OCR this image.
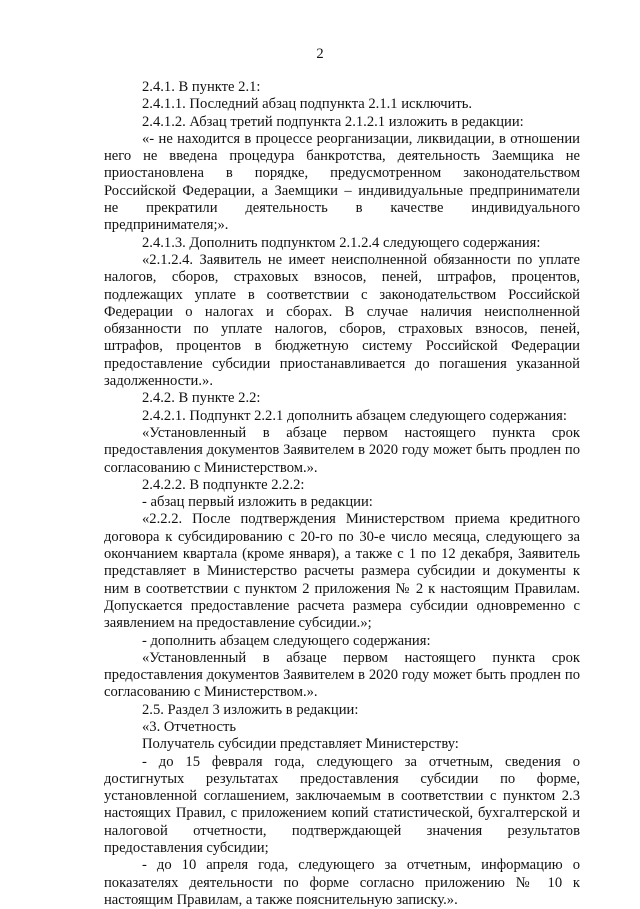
2

2.4.1. В пункте 2.1:

2.4.1.1. Последний абзац подпункта 2.1.1 исключить.

2.4.1.2. Абзац третий подпункта 2.1.2.1 изложить в редакции:

«- не находится в процессе реорганизации, ликвидации, в отношении него не введена процедура банкротства, деятельность Заемщика не приостановлена в порядке, предусмотренном законодательством Российской Федерации, а Заемщики – индивидуальные предприниматели не прекратили деятельность в качестве индивидуального предпринимателя;».

2.4.1.3. Дополнить подпунктом 2.1.2.4 следующего содержания:

«2.1.2.4. Заявитель не имеет неисполненной обязанности по уплате налогов, сборов, страховых взносов, пеней, штрафов, процентов, подлежащих уплате в соответствии с законодательством Российской Федерации о налогах и сборах. В случае наличия неисполненной обязанности по уплате налогов, сборов, страховых взносов, пеней, штрафов, процентов в бюджетную систему Российской Федерации предоставление субсидии приостанавливается до погашения указанной задолженности.».

2.4.2. В пункте 2.2:

2.4.2.1. Подпункт 2.2.1 дополнить абзацем следующего содержания:

«Установленный в абзаце первом настоящего пункта срок предоставления документов Заявителем в 2020 году может быть продлен по согласованию с Министерством.».

2.4.2.2. В подпункте 2.2.2:

- абзац первый изложить в редакции:

«2.2.2. После подтверждения Министерством приема кредитного договора к субсидированию с 20-го по 30-е число месяца, следующего за окончанием квартала (кроме января), а также с 1 по 12 декабря, Заявитель представляет в Министерство расчеты размера субсидии и документы к ним в соответствии с пунктом 2 приложения № 2 к настоящим Правилам. Допускается предоставление расчета размера субсидии одновременно с заявлением на предоставление субсидии.»;

- дополнить абзацем следующего содержания:

«Установленный в абзаце первом настоящего пункта срок предоставления документов Заявителем в 2020 году может быть продлен по согласованию с Министерством.».

2.5. Раздел 3 изложить в редакции:

«3. Отчетность

Получатель субсидии представляет Министерству:

- до 15 февраля года, следующего за отчетным, сведения о достигнутых результатах предоставления субсидии по форме, установленной соглашением, заключаемым в соответствии с пунктом 2.3 настоящих Правил, с приложением копий статистической, бухгалтерской и налоговой отчетности, подтверждающей значения результатов предоставления субсидии;

- до 10 апреля года, следующего за отчетным, информацию о показателях деятельности по форме согласно приложению № 10 к настоящим Правилам, а также пояснительную записку.».
